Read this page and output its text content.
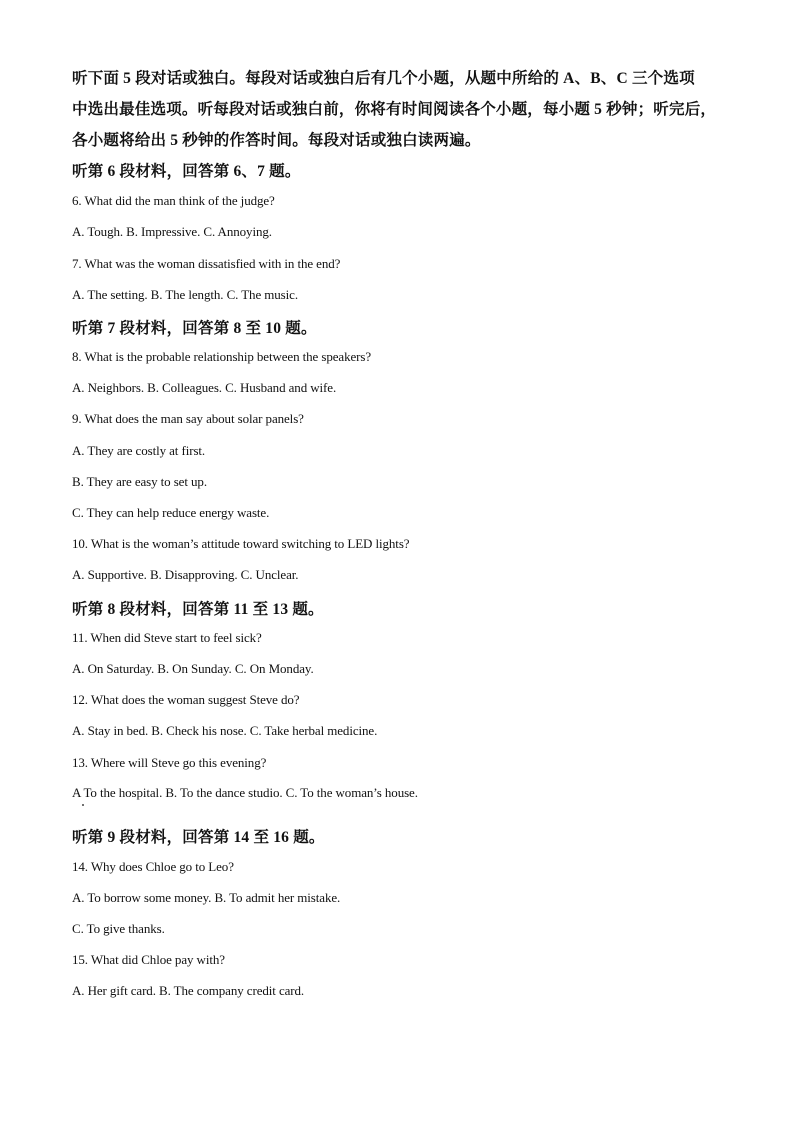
听下面 5 段对话或独白。每段对话或独白后有几个小题，从题中所给的 A、B、C 三个选项
中选出最佳选项。听每段对话或独白前，你将有时间阅读各个小题，每小题 5 秒钟；听完后，
各小题将给出 5 秒钟的作答时间。每段对话或独白读两遍。
听第 6 段材料，回答第 6、7 题。
6. What did the man think of the judge?
A. Tough. B. Impressive. C. Annoying.
7. What was the woman dissatisfied with in the end?
A. The setting. B. The length. C. The music.
听第 7 段材料，回答第 8 至 10 题。
8. What is the probable relationship between the speakers?
A. Neighbors. B. Colleagues. C. Husband and wife.
9. What does the man say about solar panels?
A. They are costly at first.
B. They are easy to set up.
C. They can help reduce energy waste.
10. What is the woman’s attitude toward switching to LED lights?
A. Supportive. B. Disapproving. C. Unclear.
听第 8 段材料，回答第 11 至 13 题。
11. When did Steve start to feel sick?
A. On Saturday. B. On Sunday. C. On Monday.
12. What does the woman suggest Steve do?
A. Stay in bed. B. Check his nose. C. Take herbal medicine.
13. Where will Steve go this evening?
A To the hospital. B. To the dance studio. C. To the woman’s house.
听第 9 段材料，回答第 14 至 16 题。
14. Why does Chloe go to Leo?
A. To borrow some money. B. To admit her mistake.
C. To give thanks.
15. What did Chloe pay with?
A. Her gift card. B. The company credit card.
